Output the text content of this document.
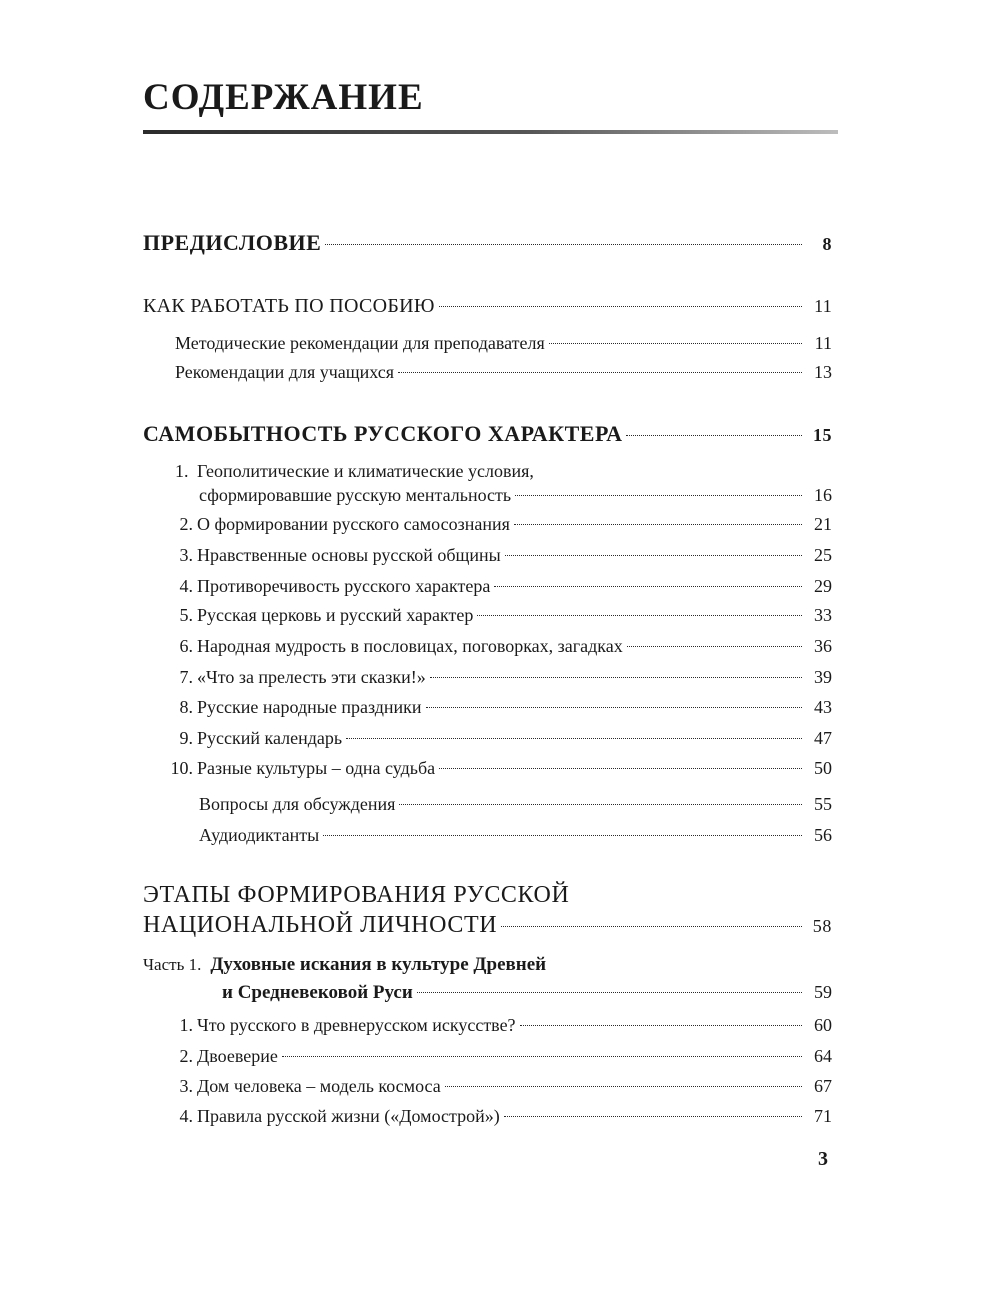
СОДЕРЖАНИЕ
ПРЕДИСЛОВИЕ	8
КАК РАБОТАТЬ ПО ПОСОБИЮ	11
Методические рекомендации для преподавателя	11
Рекомендации для учащихся	13
САМОБЫТНОСТЬ РУССКОГО ХАРАКТЕРА	15
1. Геополитические и климатические условия,
сформировавшие русскую ментальность	16
2. О формировании русского самосознания	21
3. Нравственные основы русской общины	25
4. Противоречивость русского характера	29
5. Русская церковь и русский характер	33
6. Народная мудрость в пословицах, поговорках, загадках	36
7. «Что за прелесть эти сказки!»	39
8. Русские народные праздники	43
9. Русский календарь	47
10. Разные культуры – одна судьба	50
Вопросы для обсуждения	55
Аудиодиктанты	56
ЭТАПЫ ФОРМИРОВАНИЯ РУССКОЙ
НАЦИОНАЛЬНОЙ ЛИЧНОСТИ	58
Часть 1. Духовные искания в культуре Древней
и Средневековой Руси	59
1. Что русского в древнерусском искусстве?	60
2. Двоеверие	64
3. Дом человека – модель космоса	67
4. Правила русской жизни («Домострой»)	71
3
